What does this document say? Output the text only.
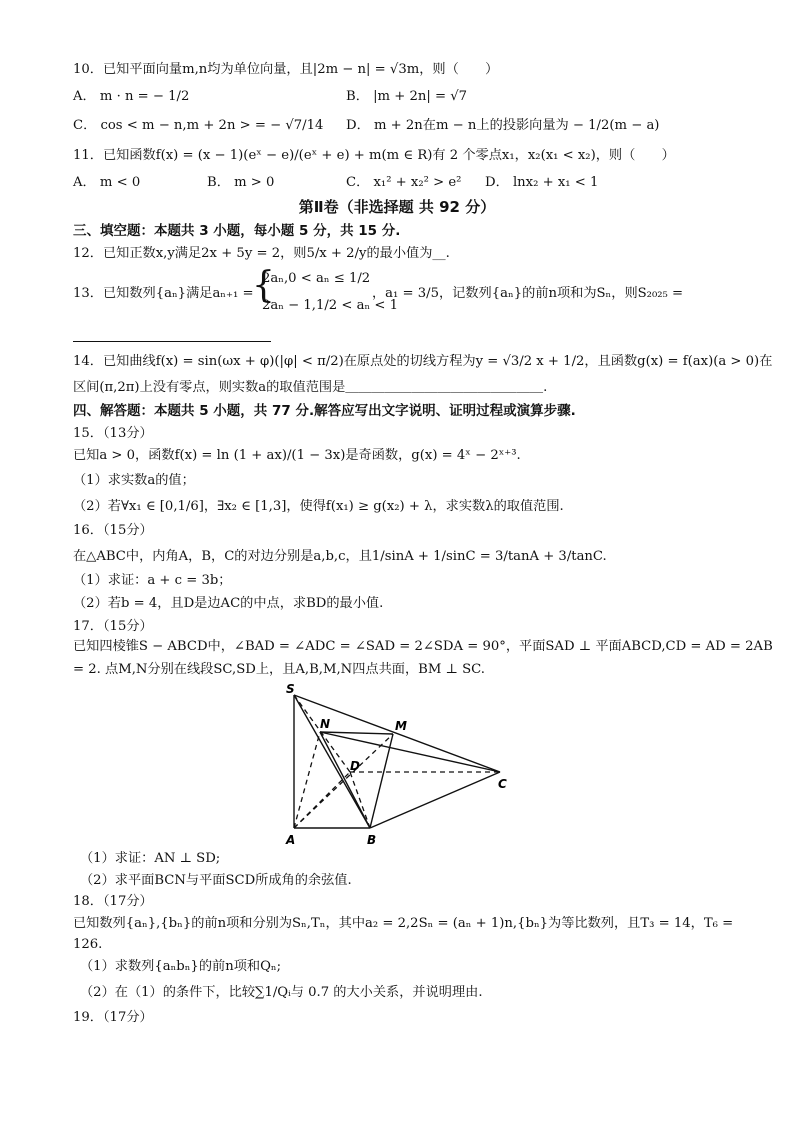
10．已知平面向量m,n均为单位向量，且|2m − n| = √3m，则（　　）
A． m · n = − 1/2	B． |m + 2n| = √7
C． cos < m − n,m + 2n > = − √7/14 D． m + 2n在m − n上的投影向量为 − 1/2(m − a)
11．已知函数f(x) = (x − 1)(eˣ − e)/(eˣ + e) + m(m ∈ R)有 2 个零点x₁，x₂(x₁ < x₂)，则（　　）
A． m < 0	B． m > 0	C． x₁² + x₂² > e² D． lnx₂ + x₁ < 1
第Ⅱ卷（非选择题 共 92 分）
三、填空题：本题共 3 小题，每小题 5 分，共 15 分.
12．已知正数x,y满足2x + 5y = 2，则5/x + 2/y的最小值为__.
13．已知数列{aₙ}满足aₙ₊₁ =
{
2aₙ,0 < aₙ ≤ 1/2
2aₙ − 1,1/2 < aₙ < 1
，a₁ = 3/5，记数列{aₙ}的前n项和为Sₙ，则S₂₀₂₅ =
14．已知曲线f(x) = sin(ωx + φ)(|φ| < π/2)在原点处的切线方程为y = √3/2 x + 1/2，且函数g(x) = f(ax)(a > 0)在
区间(π,2π)上没有零点，则实数a的取值范围是＿＿＿＿＿＿＿＿＿＿＿＿＿＿＿.
四、解答题：本题共 5 小题，共 77 分.解答应写出文字说明、证明过程或演算步骤.
15．（13分）
已知a > 0，函数f(x) = ln (1 + ax)/(1 − 3x)是奇函数，g(x) = 4ˣ − 2ˣ⁺³.
（1）求实数a的值；
（2）若∀x₁ ∈ [0,1/6]，∃x₂ ∈ [1,3]，使得f(x₁) ≥ g(x₂) + λ，求实数λ的取值范围.
16．（15分）
在△ABC中，内角A，B，C的对边分别是a,b,c，且1/sinA + 1/sinC = 3/tanA + 3/tanC.
（1）求证：a + c = 3b；
（2）若b = 4，且D是边AC的中点，求BD的最小值.
17．（15分）
已知四棱锥S − ABCD中，∠BAD = ∠ADC = ∠SAD = 2∠SDA = 90°，平面SAD ⊥ 平面ABCD,CD = AD = 2AB
= 2. 点M,N分别在线段SC,SD上，且A,B,M,N四点共面，BM ⊥ SC.
S
N	M
D
C
A	B
（1）求证：AN ⊥ SD;
（2）求平面BCN与平面SCD所成角的余弦值.
18．（17分）
已知数列{aₙ},{bₙ}的前n项和分别为Sₙ,Tₙ，其中a₂ = 2,2Sₙ = (aₙ + 1)n,{bₙ}为等比数列，且T₃ = 14，T₆ =
126.
（1）求数列{aₙbₙ}的前n项和Qₙ;
（2）在（1）的条件下，比较∑1/Qᵢ与 0.7 的大小关系，并说明理由.
19．（17分）
